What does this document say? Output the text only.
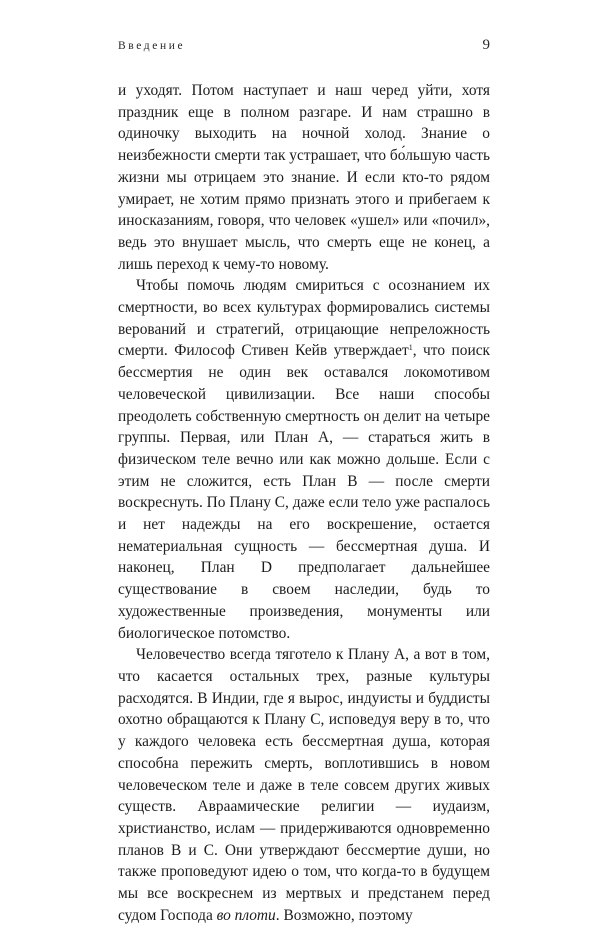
Введение	9

и уходят. Потом наступает и наш черед уйти, хотя праздник еще в полном разгаре. И нам страшно в одиночку выходить на ночной холод. Знание о неизбежности смерти так устрашает, что бо́льшую часть жизни мы отрицаем это знание. И если кто-то рядом умирает, не хотим прямо признать этого и прибегаем к иносказаниям, говоря, что человек «ушел» или «почил», ведь это внушает мысль, что смерть еще не конец, а лишь переход к чему-то новому.

Чтобы помочь людям смириться с осознанием их смертности, во всех культурах формировались системы верований и стратегий, отрицающие непреложность смерти. Философ Стивен Кейв утверждает$^1$, что поиск бессмертия не один век оставался локомотивом человеческой цивилизации. Все наши способы преодолеть собственную смертность он делит на четыре группы. Первая, или План A, — стараться жить в физическом теле вечно или как можно дольше. Если с этим не сложится, есть План B — после смерти воскреснуть. По Плану C, даже если тело уже распалось и нет надежды на его воскрешение, остается нематериальная сущность — бессмертная душа. И наконец, План D предполагает дальнейшее существование в своем наследии, будь то художественные произведения, монументы или биологическое потомство.

Человечество всегда тяготело к Плану A, а вот в том, что касается остальных трех, разные культуры расходятся. В Индии, где я вырос, индуисты и буддисты охотно обращаются к Плану C, исповедуя веру в то, что у каждого человека есть бессмертная душа, которая способна пережить смерть, воплотившись в новом человеческом теле и даже в теле совсем других живых существ. Авраамические религии — иудаизм, христианство, ислам — придерживаются одновременно планов B и C. Они утверждают бессмертие души, но также проповедуют идею о том, что когда-то в будущем мы все воскреснем из мертвых и предстанем перед судом Господа во плоти. Возможно, поэтому
